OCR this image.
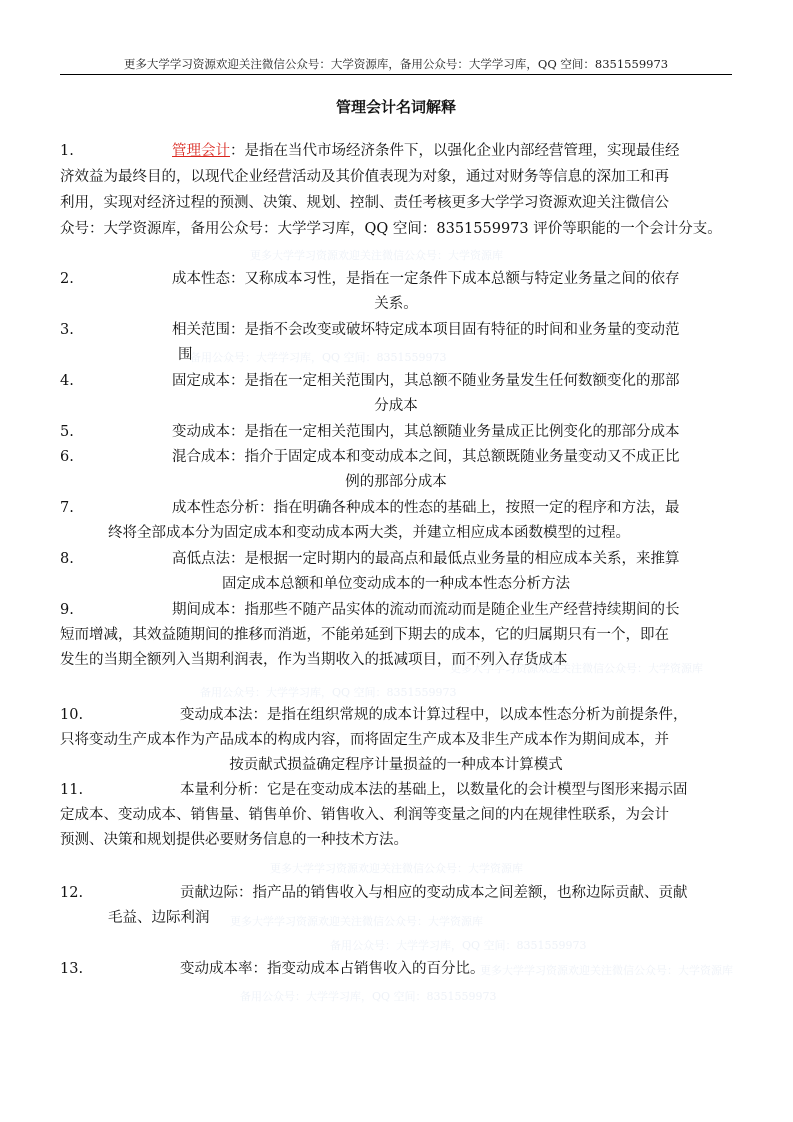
更多大学学习资源欢迎关注微信公众号：大学资源库，备用公众号：大学学习库，QQ 空间：8351559973
管理会计名词解释
更多大学学习资源欢迎关注微信公众号：大学资源库
备用公众号：大学学习库，QQ 空间：8351559973
更多大学学习资源欢迎关注微信公众号：大学资源库
备用公众号：大学学习库，QQ 空间：8351559973
更多大学学习资源欢迎关注微信公众号：大学资源库
更多大学学习资源欢迎关注微信公众号：大学资源库
备用公众号：大学学习库，QQ 空间：8351559973
更多大学学习资源欢迎关注微信公众号：大学资源库
备用公众号：大学学习库，QQ 空间：8351559973
1.	管理会计：是指在当代市场经济条件下，以强化企业内部经营管理，实现最佳经
济效益为最终目的，以现代企业经营活动及其价值表现为对象，通过对财务等信息的深加工和再
利用，实现对经济过程的预测、决策、规划、控制、责任考核更多大学学习资源欢迎关注微信公
众号：大学资源库，备用公众号：大学学习库，QQ 空间：8351559973 评价等职能的一个会计分支。
2.	成本性态：又称成本习性，是指在一定条件下成本总额与特定业务量之间的依存
关系。
3.	相关范围：是指不会改变或破坏特定成本项目固有特征的时间和业务量的变动范
围
4.	固定成本：是指在一定相关范围内，其总额不随业务量发生任何数额变化的那部
分成本
5.	变动成本：是指在一定相关范围内，其总额随业务量成正比例变化的那部分成本
6.	混合成本：指介于固定成本和变动成本之间，其总额既随业务量变动又不成正比
例的那部分成本
7.	成本性态分析：指在明确各种成本的性态的基础上，按照一定的程序和方法，最
终将全部成本分为固定成本和变动成本两大类，并建立相应成本函数模型的过程。
8.	高低点法：是根据一定时期内的最高点和最低点业务量的相应成本关系，来推算
固定成本总额和单位变动成本的一种成本性态分析方法
9.	期间成本：指那些不随产品实体的流动而流动而是随企业生产经营持续期间的长
短而增减，其效益随期间的推移而消逝，不能弟延到下期去的成本，它的归属期只有一个，即在
发生的当期全额列入当期利润表，作为当期收入的抵减项目，而不列入存货成本
10.	变动成本法：是指在组织常规的成本计算过程中，以成本性态分析为前提条件，
只将变动生产成本作为产品成本的构成内容，而将固定生产成本及非生产成本作为期间成本，并
按贡献式损益确定程序计量损益的一种成本计算模式
11.	本量利分析：它是在变动成本法的基础上，以数量化的会计模型与图形来揭示固
定成本、变动成本、销售量、销售单价、销售收入、利润等变量之间的内在规律性联系，为会计
预测、决策和规划提供必要财务信息的一种技术方法。
12.	贡献边际：指产品的销售收入与相应的变动成本之间差额，也称边际贡献、贡献
毛益、边际利润
13.	变动成本率：指变动成本占销售收入的百分比。
